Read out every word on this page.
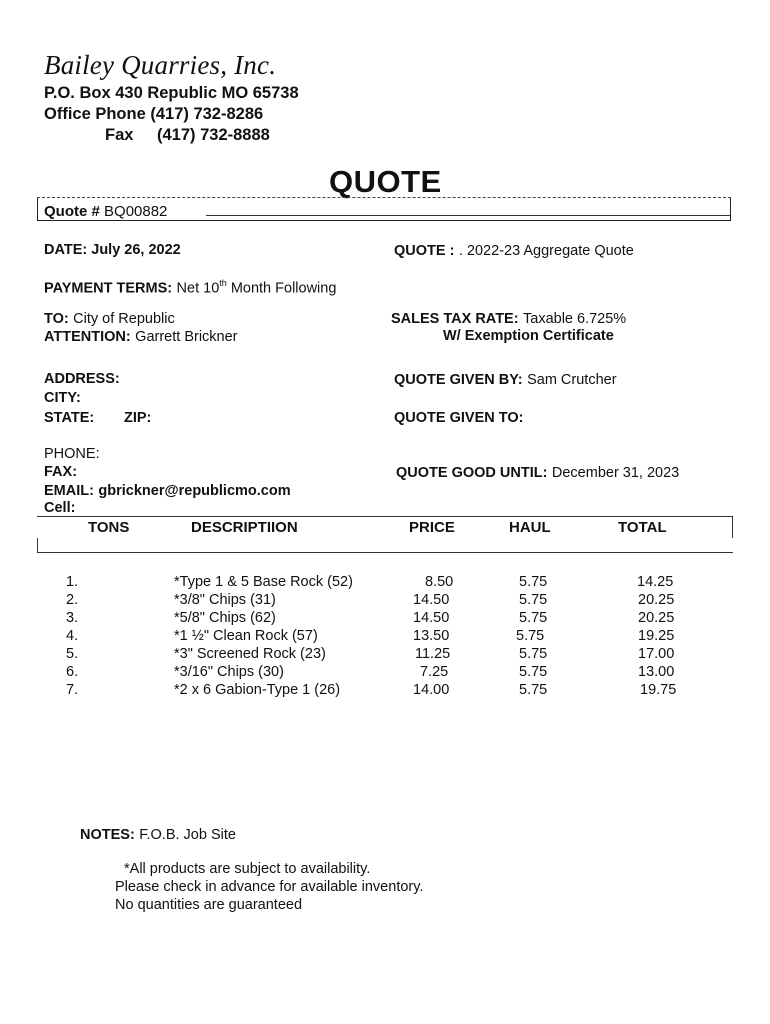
Bailey Quarries, Inc.
P.O. Box 430 Republic MO 65738
Office Phone (417) 732-8286
Fax (417) 732-8888
QUOTE
Quote # BQ00882
DATE: July 26, 2022
PAYMENT TERMS: Net 10th Month Following
TO: City of Republic
ATTENTION: Garrett Brickner
ADDRESS:
CITY:
STATE: ZIP:
PHONE:
FAX:
EMAIL: gbrickner@republicmo.com
Cell:
QUOTE : . 2022-23 Aggregate Quote
SALES TAX RATE: Taxable 6.725%
W/ Exemption Certificate
QUOTE GIVEN BY: Sam Crutcher
QUOTE GIVEN TO:
QUOTE GOOD UNTIL: December 31, 2023
TONS	DESCRIPTIION	PRICE	HAUL	TOTAL
1.	*Type 1 & 5 Base Rock (52)	8.50	5.75	14.25
2.	*3/8" Chips (31)	14.50	5.75	20.25
3.	*5/8" Chips (62)	14.50	5.75	20.25
4.	*1 ½" Clean Rock (57)	13.50	5.75	19.25
5.	*3" Screened Rock (23)	11.25	5.75	17.00
6.	*3/16" Chips (30)	7.25	5.75	13.00
7.	*2 x 6 Gabion-Type 1 (26)	14.00	5.75	19.75
NOTES: F.O.B. Job Site
*All products are subject to availability.
Please check in advance for available inventory.
No quantities are guaranteed
